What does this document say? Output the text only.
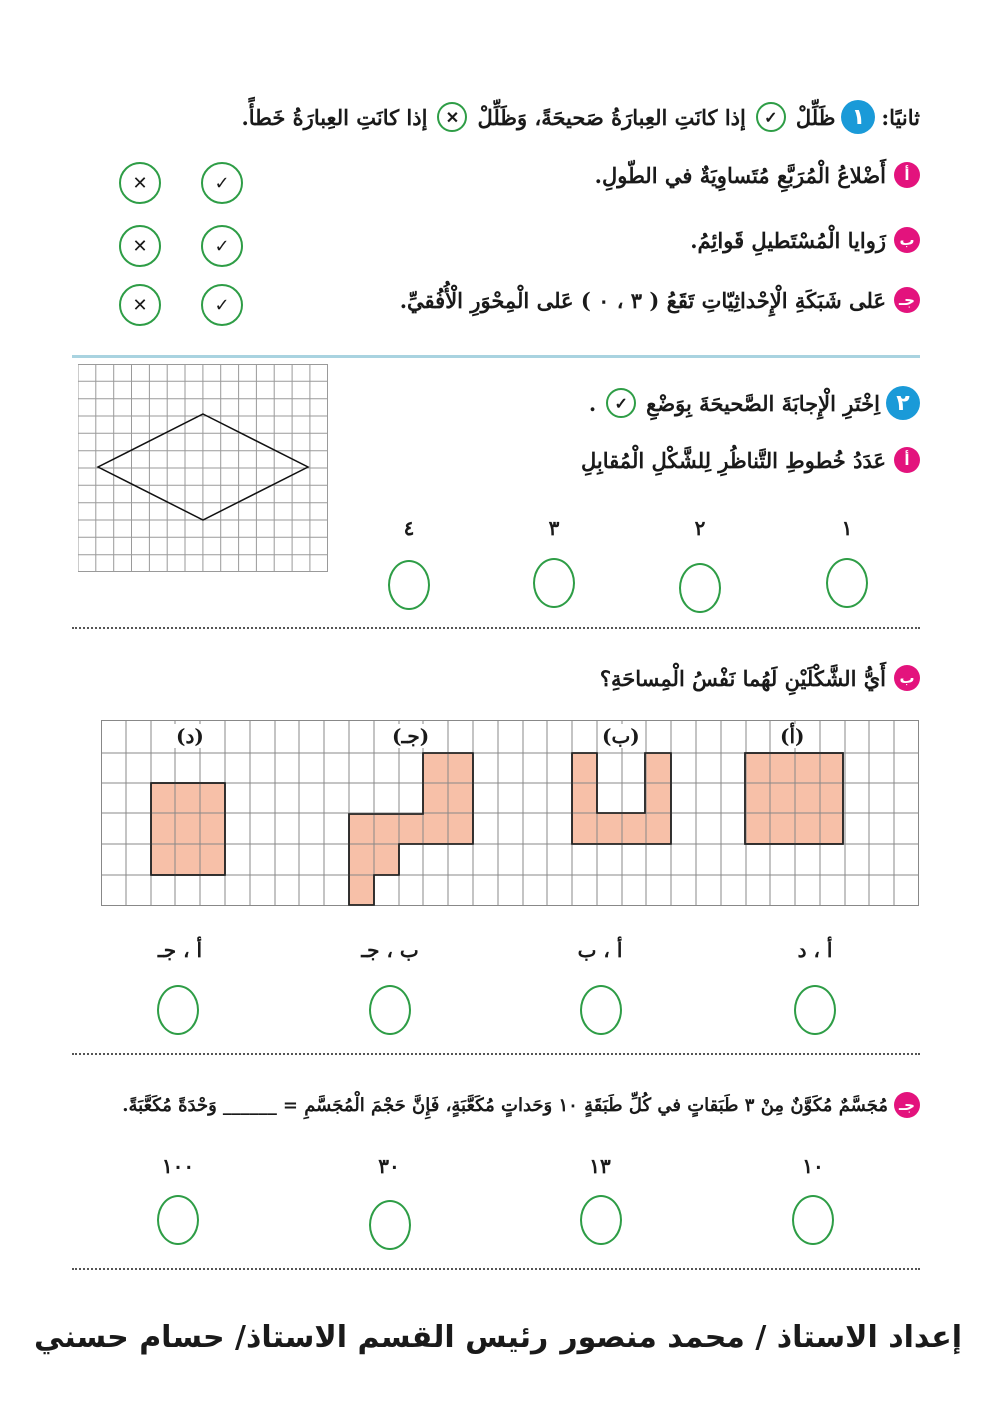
ثانيًا:
١
ظَلِّلْ
✓
إذا كانَتِ العِبارَةُ صَحيحَةً، وَظَلِّلْ
✕
إذا كانَتِ العِبارَةُ خَطأً.
أ
أَضْلاعُ الْمُرَبَّعِ مُتَساوِيَةٌ في الطّولِ.
ب
زَوايا الْمُسْتَطيلِ قَوائِمُ.
جـ
عَلى شَبَكَةِ الْإِحْداثِيّاتِ تَقَعُ ( ٣ ، ٠ ) عَلى الْمِحْوَرِ الْأُفُقيِّ.
✓
✕
✓
✕
✓
✕
٢
اِخْتَرِ الْإِجابَةَ الصَّحيحَةَ بِوَضْعِ
✓
.
أ
عَدَدُ خُطوطِ التَّناظُرِ لِلشَّكْلِ الْمُقابِلِ
١
٢
٣
٤
ب
أَيُّ الشَّكْلَيْنِ لَهُما نَفْسُ الْمِساحَةِ؟
(أ)
(ب)
(جـ)
(د)
أ ، د
أ ، ب
ب ، جـ
أ ، جـ
جـ
مُجَسَّمٌ مُكَوَّنٌ مِنْ ٣ طَبَقاتٍ في كُلِّ طَبَقَةٍ ١٠ وَحَداتٍ مُكَعَّبَةٍ، فَإِنَّ حَجْمَ الْمُجَسَّمِ =
______
وَحْدَةً مُكَعَّبَةً.
١٠
١٣
٣٠
١٠٠
إعداد الاستاذ / محمد منصور
رئيس القسم الاستاذ/ حسام حسني
